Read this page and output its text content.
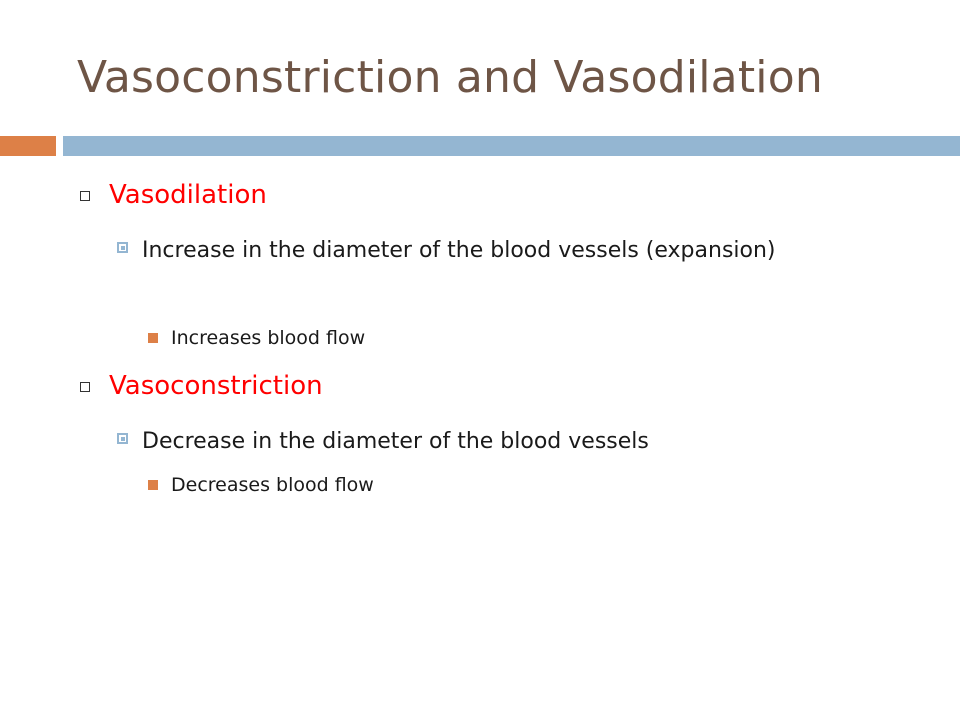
Vasoconstriction and Vasodilation
Vasodilation
Increase in the diameter of the blood vessels (expansion)
Increases blood flow
Vasoconstriction
Decrease in the diameter of the blood vessels
Decreases blood flow
